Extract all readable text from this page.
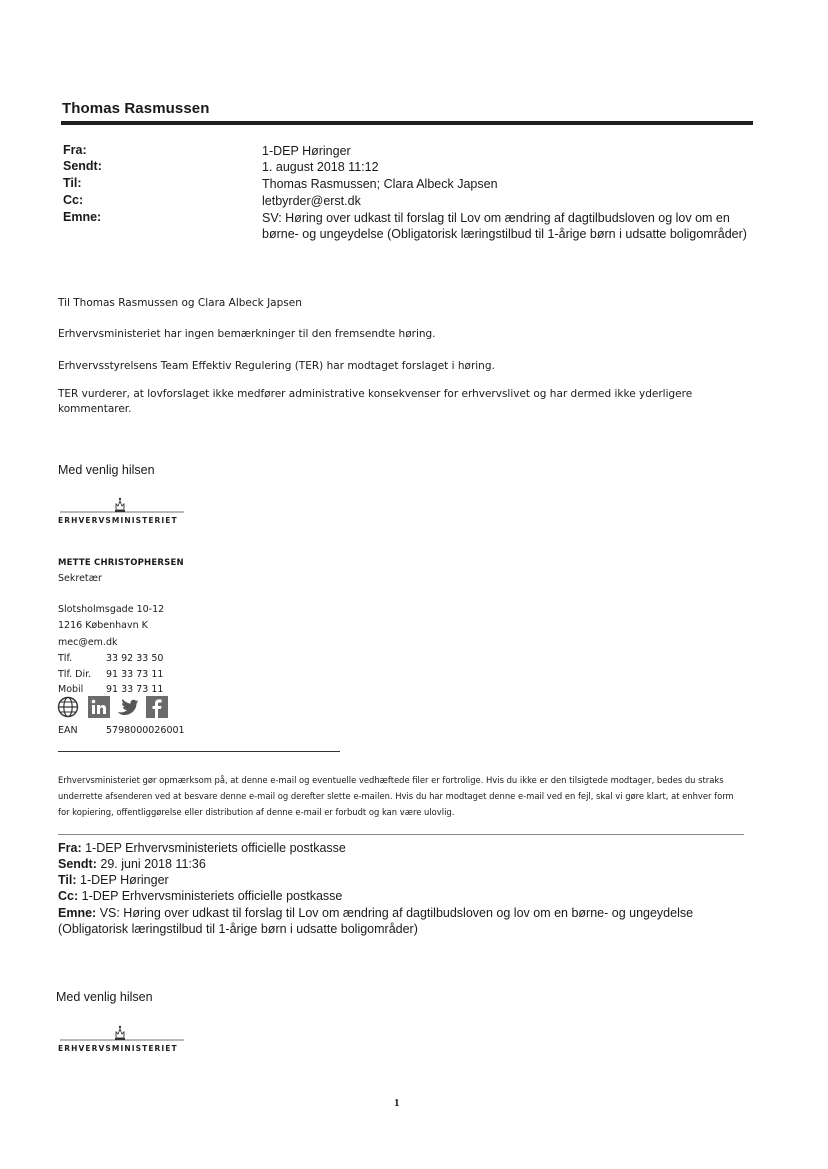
Thomas Rasmussen
Fra:	1-DEP Høringer
Sendt:	1. august 2018 11:12
Til:	Thomas Rasmussen; Clara Albeck Japsen
Cc:	letbyrder@erst.dk
Emne:	SV: Høring over udkast til forslag til Lov om ændring af dagtilbudsloven og lov om en børne- og ungeydelse (Obligatorisk læringstilbud til 1-årige børn i udsatte boligområder)
Til Thomas Rasmussen og Clara Albeck Japsen
Erhvervsministeriet har ingen bemærkninger til den fremsendte høring.
Erhvervsstyrelsens Team Effektiv Regulering (TER) har modtaget forslaget i høring.
TER vurderer, at lovforslaget ikke medfører administrative konsekvenser for erhvervslivet og har dermed ikke yderligere kommentarer.
Med venlig hilsen
ERHVERVSMINISTERIET
METTE CHRISTOPHERSEN
Sekretær
Slotsholmsgade 10-12
1216 København K
mec@em.dk
Tlf.	33 92 33 50
Tlf. Dir. 91 33 73 11
Mobil 91 33 73 11
EAN	5798000026001
Erhvervsministeriet gør opmærksom på, at denne e-mail og eventuelle vedhæftede filer er fortrolige. Hvis du ikke er den tilsigtede modtager, bedes du straks underrette afsenderen ved at besvare denne e-mail og derefter slette e-mailen. Hvis du har modtaget denne e-mail ved en fejl, skal vi gøre klart, at enhver form for kopiering, offentliggørelse eller distribution af denne e-mail er forbudt og kan være ulovlig.
Fra: 1-DEP Erhvervsministeriets officielle postkasse
Sendt: 29. juni 2018 11:36
Til: 1-DEP Høringer
Cc: 1-DEP Erhvervsministeriets officielle postkasse
Emne: VS: Høring over udkast til forslag til Lov om ændring af dagtilbudsloven og lov om en børne- og ungeydelse (Obligatorisk læringstilbud til 1-årige børn i udsatte boligområder)
Med venlig hilsen
ERHVERVSMINISTERIET
1
